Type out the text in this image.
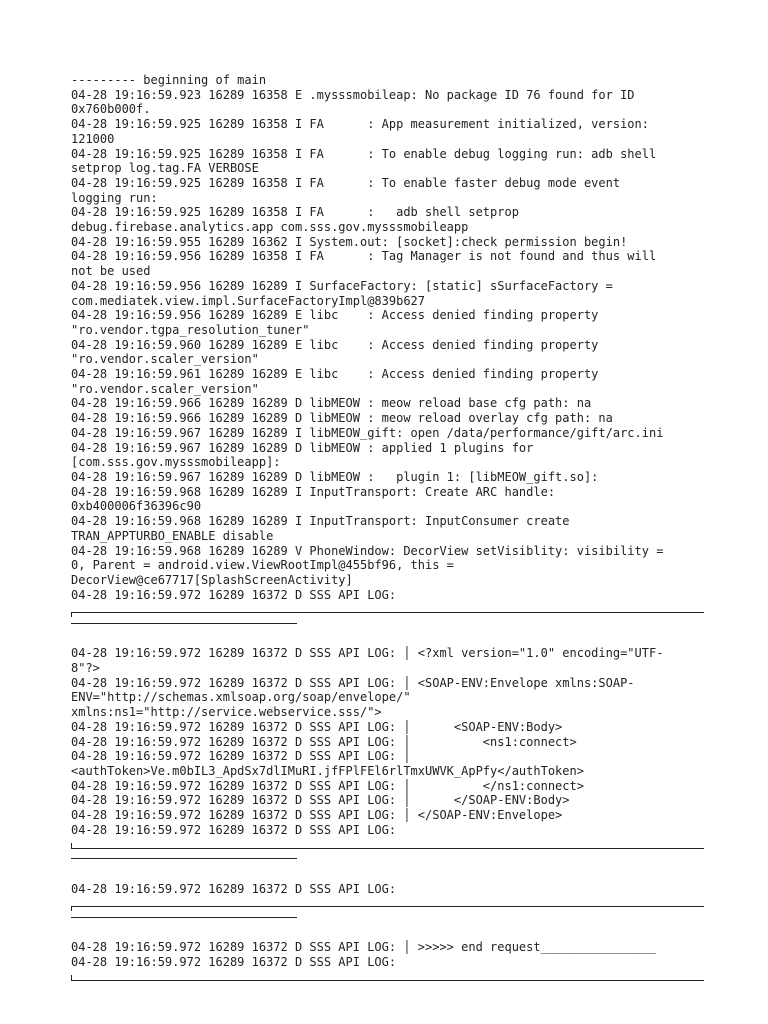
--------- beginning of main
04-28 19:16:59.923 16289 16358 E .mysssmobileap: No package ID 76 found for ID
0x760b000f.
04-28 19:16:59.925 16289 16358 I FA      : App measurement initialized, version:
121000
04-28 19:16:59.925 16289 16358 I FA      : To enable debug logging run: adb shell
setprop log.tag.FA VERBOSE
04-28 19:16:59.925 16289 16358 I FA      : To enable faster debug mode event
logging run:
04-28 19:16:59.925 16289 16358 I FA      :   adb shell setprop
debug.firebase.analytics.app com.sss.gov.mysssmobileapp
04-28 19:16:59.955 16289 16362 I System.out: [socket]:check permission begin!
04-28 19:16:59.956 16289 16358 I FA      : Tag Manager is not found and thus will
not be used
04-28 19:16:59.956 16289 16289 I SurfaceFactory: [static] sSurfaceFactory =
com.mediatek.view.impl.SurfaceFactoryImpl@839b627
04-28 19:16:59.956 16289 16289 E libc    : Access denied finding property
"ro.vendor.tgpa_resolution_tuner"
04-28 19:16:59.960 16289 16289 E libc    : Access denied finding property
"ro.vendor.scaler_version"
04-28 19:16:59.961 16289 16289 E libc    : Access denied finding property
"ro.vendor.scaler_version"
04-28 19:16:59.966 16289 16289 D libMEOW : meow reload base cfg path: na
04-28 19:16:59.966 16289 16289 D libMEOW : meow reload overlay cfg path: na
04-28 19:16:59.967 16289 16289 I libMEOW_gift: open /data/performance/gift/arc.ini
04-28 19:16:59.967 16289 16289 D libMEOW : applied 1 plugins for
[com.sss.gov.mysssmobileapp]:
04-28 19:16:59.967 16289 16289 D libMEOW :   plugin 1: [libMEOW_gift.so]:
04-28 19:16:59.968 16289 16289 I InputTransport: Create ARC handle:
0xb400006f36396c90
04-28 19:16:59.968 16289 16289 I InputTransport: InputConsumer create
TRAN_APPTURBO_ENABLE disable
04-28 19:16:59.968 16289 16289 V PhoneWindow: DecorView setVisiblity: visibility =
0, Parent = android.view.ViewRootImpl@455bf96, this =
DecorView@ce67717[SplashScreenActivity]
04-28 19:16:59.972 16289 16372 D SSS API LOG:
04-28 19:16:59.972 16289 16372 D SSS API LOG: │ <?xml version="1.0" encoding="UTF-
8"?>
04-28 19:16:59.972 16289 16372 D SSS API LOG: │ <SOAP-ENV:Envelope xmlns:SOAP-
ENV="http://schemas.xmlsoap.org/soap/envelope/"
xmlns:ns1="http://service.webservice.sss/">
04-28 19:16:59.972 16289 16372 D SSS API LOG: │      <SOAP-ENV:Body>
04-28 19:16:59.972 16289 16372 D SSS API LOG: │          <ns1:connect>
04-28 19:16:59.972 16289 16372 D SSS API LOG: │
<authToken>Ve.m0bIL3_ApdSx7dlIMuRI.jfFPlFEl6rlTmxUWVK_ApPfy</authToken>
04-28 19:16:59.972 16289 16372 D SSS API LOG: │          </ns1:connect>
04-28 19:16:59.972 16289 16372 D SSS API LOG: │      </SOAP-ENV:Body>
04-28 19:16:59.972 16289 16372 D SSS API LOG: │ </SOAP-ENV:Envelope>
04-28 19:16:59.972 16289 16372 D SSS API LOG:
04-28 19:16:59.972 16289 16372 D SSS API LOG:
04-28 19:16:59.972 16289 16372 D SSS API LOG: │ >>>>> end request________________
04-28 19:16:59.972 16289 16372 D SSS API LOG:
